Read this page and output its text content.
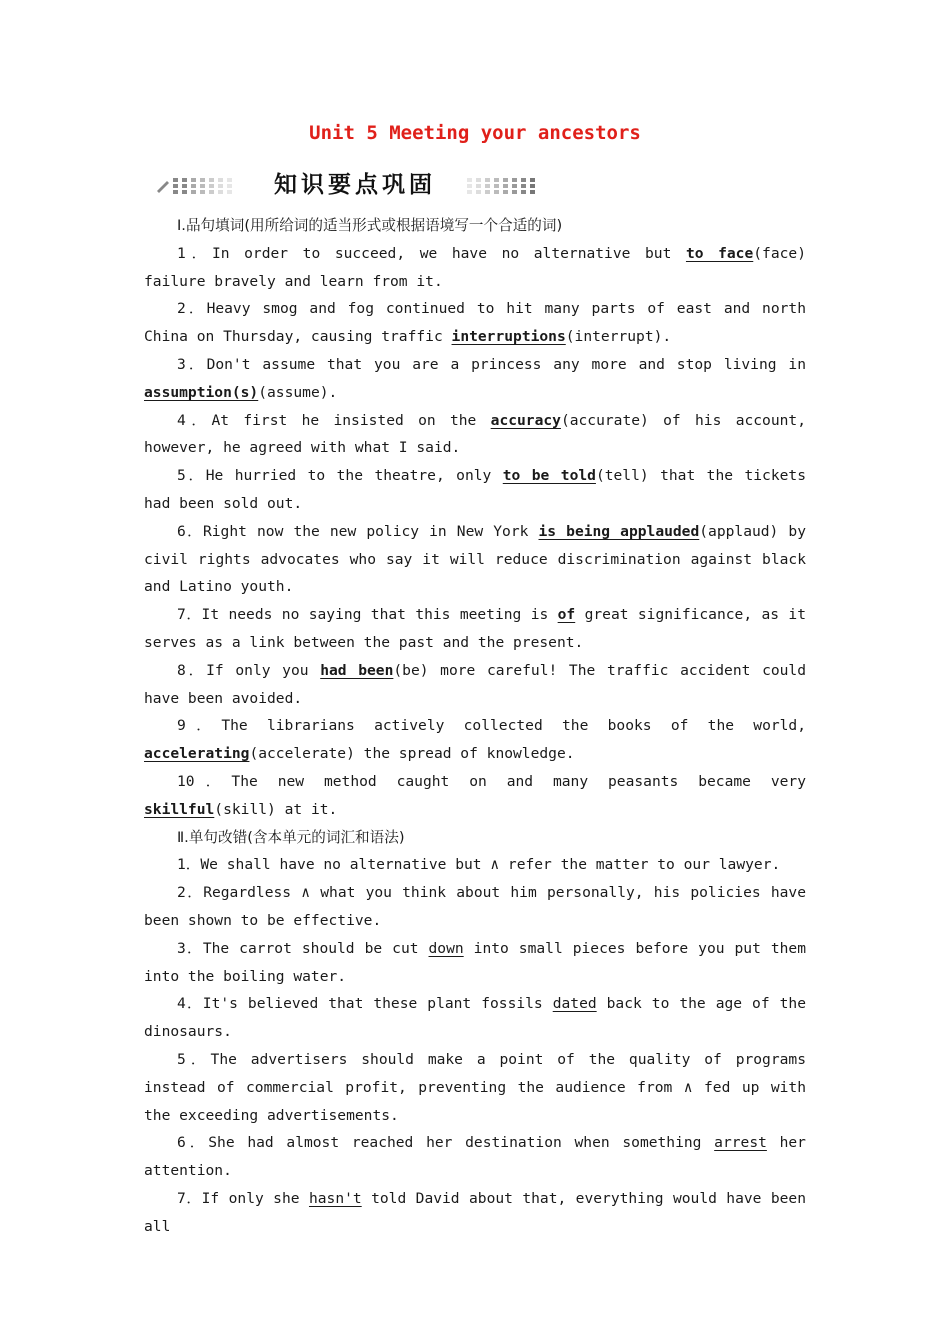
Unit 5 Meeting your ancestors
知识要点巩固

Ⅰ.品句填词(用所给词的适当形式或根据语境写一个合适的词)

1．In order to succeed, we have no alternative but to face(face) failure bravely and learn from it.

2．Heavy smog and fog continued to hit many parts of east and north China on Thursday, causing traffic interruptions(interrupt).

3．Don't assume that you are a princess any more and stop living in assumption(s)(assume).

4．At first he insisted on the accuracy(accurate) of his account, however, he agreed with what I said.

5．He hurried to the theatre, only to be told(tell) that the tickets had been sold out.

6．Right now the new policy in New York is being applauded(applaud) by civil rights advocates who say it will reduce discrimination against black and Latino youth.

7．It needs no saying that this meeting is of great significance, as it serves as a link between the past and the present.

8．If only you had been(be) more careful! The traffic accident could have been avoided.

9．The librarians actively collected the books of the world, accelerating(accelerate) the spread of knowledge.

10．The new method caught on and many peasants became very skillful(skill) at it.

Ⅱ.单句改错(含本单元的词汇和语法)

1．We shall have no alternative but ∧ refer the matter to our lawyer.

2．Regardless ∧ what you think about him personally, his policies have been shown to be effective.

3．The carrot should be cut down into small pieces before you put them into the boiling water.

4．It's believed that these plant fossils dated back to the age of the dinosaurs.

5．The advertisers should make a point of the quality of programs instead of commercial profit, preventing the audience from ∧ fed up with the exceeding advertisements.

6．She had almost reached her destination when something arrest her attention.

7．If only she hasn't told David about that, everything would have been all
